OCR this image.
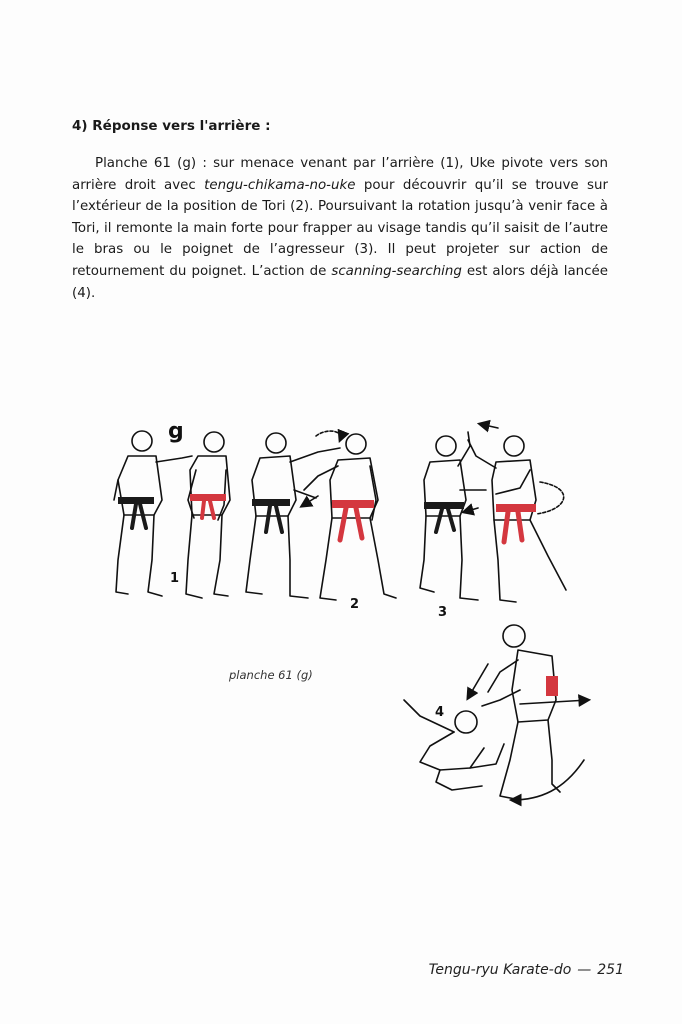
4) Réponse vers l'arrière :

Planche 61 (g) : sur menace venant par l’arrière (1), Uke pivote vers son arrière droit avec tengu-chikama-no-uke pour découvrir qu’il se trouve sur l’extérieur de la position de Tori (2). Poursuivant la rotation jusqu’à venir face à Tori, il remonte la main forte pour frapper au visage tandis qu’il saisit de l’autre le bras ou le poignet de l’agresseur (3). Il peut projeter sur action de retournement du poignet. L’action de scanning-searching est alors déjà lancée (4).

1
2
3
4
g
planche 61 (g)
Tengu-ryu Karate-do — 251
